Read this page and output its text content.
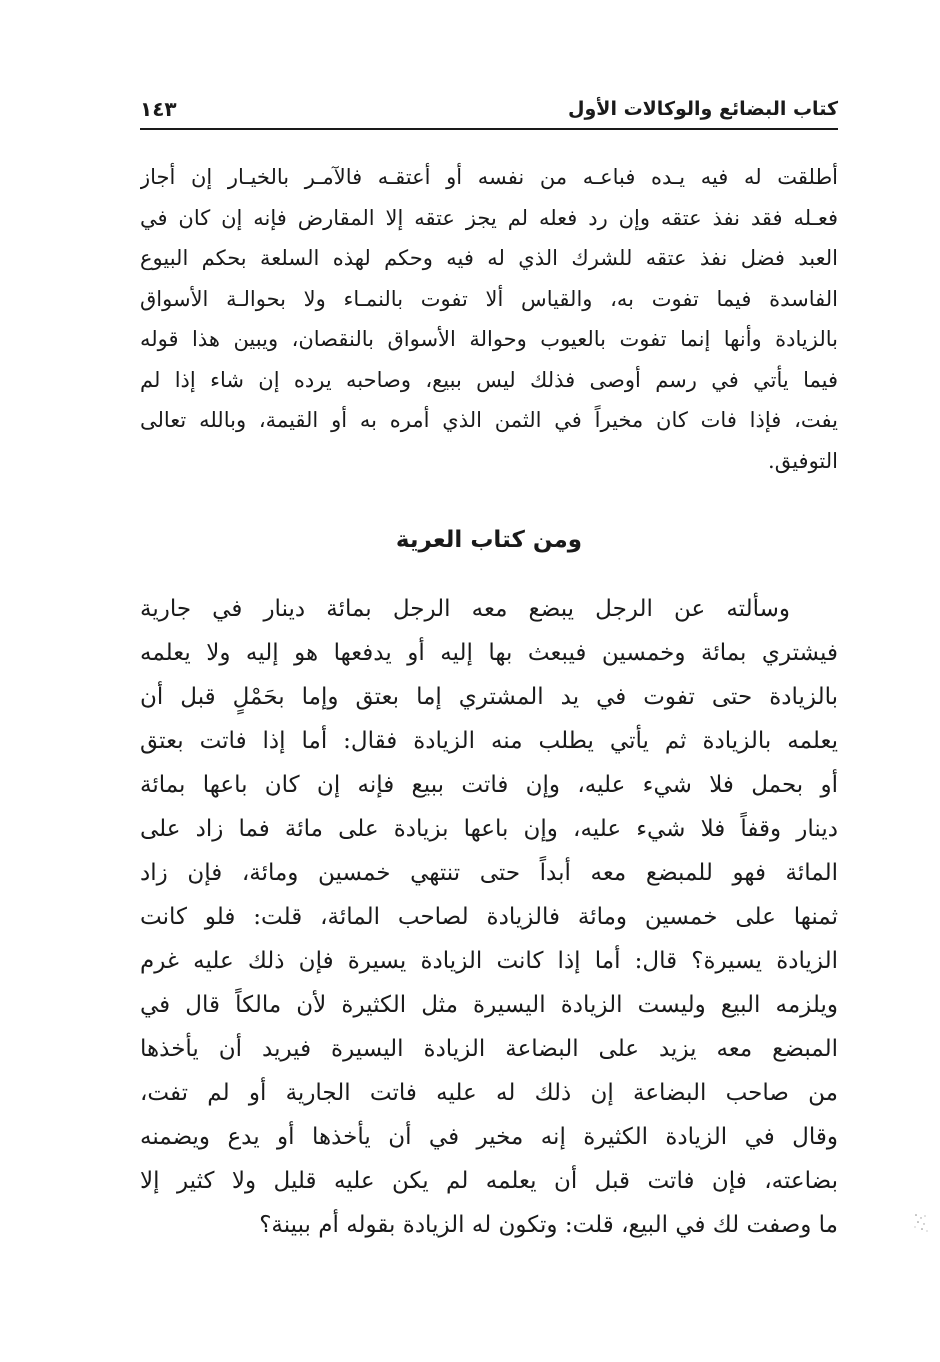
كتاب البضائع والوكالات الأول
١٤٣
أطلقت له فيه يـده فباعـه من نفسه أو أعتقـه فالآمـر بالخيـار إن أجاز
فعـله فقد نفذ عتقه وإن رد فعله لم يجز عتقه إلا المقارض فإنه إن كان في
العبد فضل نفذ عتقه للشرك الذي له فيه وحكم لهذه السلعة بحكم البيوع
الفاسدة فيما تفوت به، والقياس ألا تفوت بالنمـاء ولا بحوالـة الأسواق
بالزيادة وأنها إنما تفوت بالعيوب وحوالة الأسواق بالنقصان، ويبين هذا قوله
فيما يأتي في رسم أوصى فذلك ليس ببيع، وصاحبه يرده إن شاء إذا لم
يفت، فإذا فات كان مخيراً في الثمن الذي أمره به أو القيمة، وبالله تعالى
التوفيق.
ومن كتاب العرية
وسألته عن الرجل يبضع معه الرجل بمائة دينار في جارية
فيشتري بمائة وخمسين فيبعث بها إليه أو يدفعها هو إليه ولا يعلمه
بالزيادة حتى تفوت في يد المشتري إما بعتق وإما بحَمْلٍ قبل أن
يعلمه بالزيادة ثم يأتي يطلب منه الزيادة فقال: أما إذا فاتت بعتق
أو بحمل فلا شيء عليه، وإن فاتت ببيع فإنه إن كان باعها بمائة
دينار وقفاً فلا شيء عليه، وإن باعها بزيادة على مائة فما زاد على
المائة فهو للمبضع معه أبداً حتى تنتهي خمسين ومائة، فإن زاد
ثمنها على خمسين ومائة فالزيادة لصاحب المائة، قلت: فلو كانت
الزيادة يسيرة؟ قال: أما إذا كانت الزيادة يسيرة فإن ذلك عليه غرم
ويلزمه البيع وليست الزيادة اليسيرة مثل الكثيرة لأن مالكاً قال في
المبضع معه يزيد على البضاعة الزيادة اليسيرة فيريد أن يأخذها
من صاحب البضاعة إن ذلك له عليه فاتت الجارية أو لم تفت،
وقال في الزيادة الكثيرة إنه مخير في أن يأخذها أو يدع ويضمنه
بضاعته، فإن فاتت قبل أن يعلمه لم يكن عليه قليل ولا كثير إلا
ما وصفت لك في البيع، قلت: وتكون له الزيادة بقوله أم ببينة؟
